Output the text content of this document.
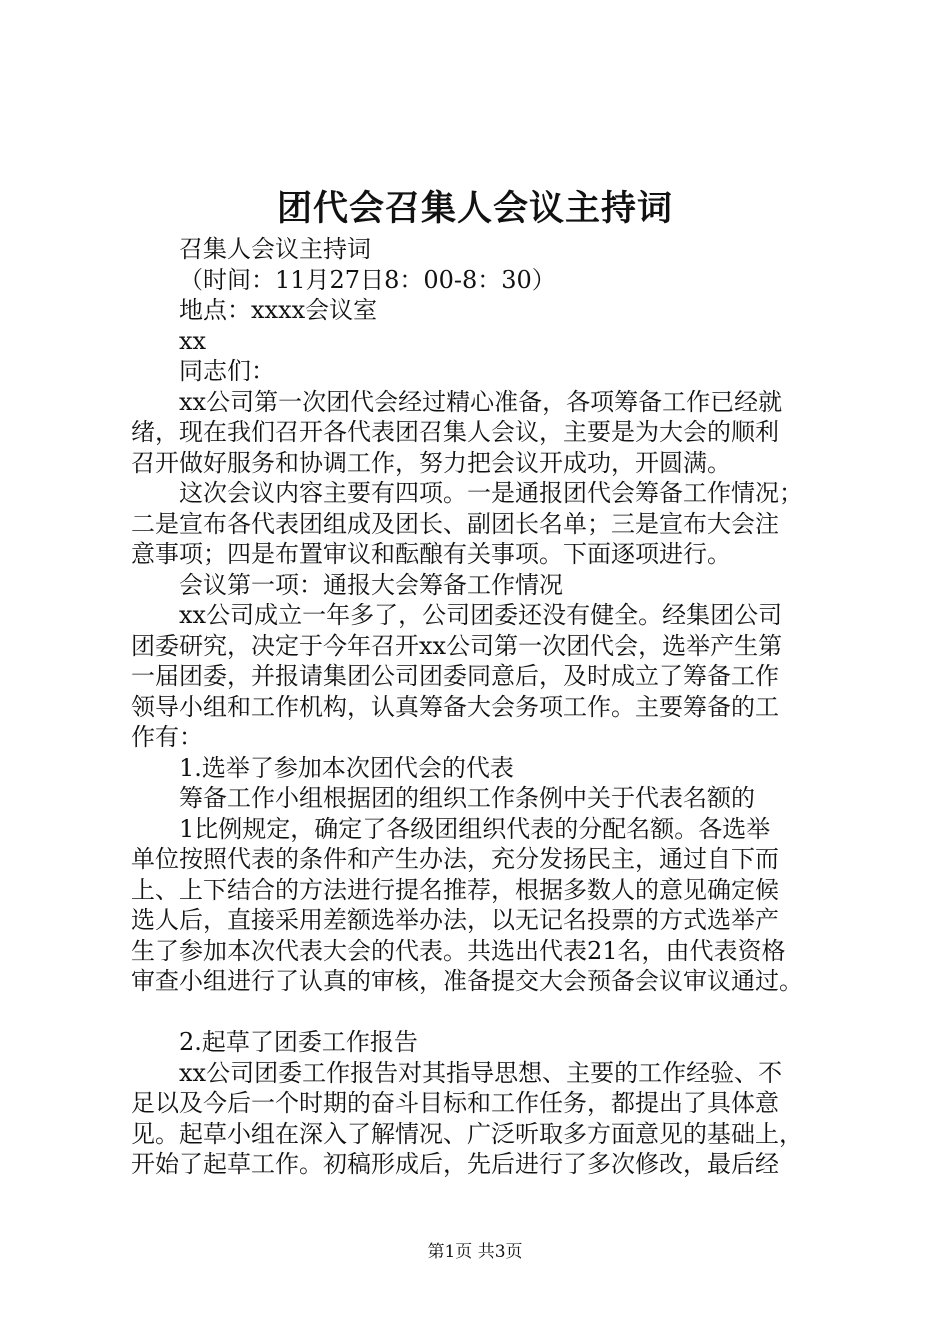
团代会召集人会议主持词

召集人会议主持词

（时间：11月27日8：00-8：30）

地点：xxxx会议室

xx

同志们：

xx公司第一次团代会经过精心准备，各项筹备工作已经就

绪，现在我们召开各代表团召集人会议，主要是为大会的顺利

召开做好服务和协调工作，努力把会议开成功，开圆满。

这次会议内容主要有四项。一是通报团代会筹备工作情况；

二是宣布各代表团组成及团长、副团长名单；三是宣布大会注

意事项；四是布置审议和酝酿有关事项。下面逐项进行。

会议第一项：通报大会筹备工作情况

xx公司成立一年多了，公司团委还没有健全。经集团公司

团委研究，决定于今年召开xx公司第一次团代会，选举产生第

一届团委，并报请集团公司团委同意后，及时成立了筹备工作

领导小组和工作机构，认真筹备大会务项工作。主要筹备的工

作有：

1.选举了参加本次团代会的代表

筹备工作小组根据团的组织工作条例中关于代表名额的

1比例规定，确定了各级团组织代表的分配名额。各选举

单位按照代表的条件和产生办法，充分发扬民主，通过自下而

上、上下结合的方法进行提名推荐，根据多数人的意见确定候

选人后，直接采用差额选举办法，以无记名投票的方式选举产

生了参加本次代表大会的代表。共选出代表21名，由代表资格

审查小组进行了认真的审核，准备提交大会预备会议审议通过。

2.起草了团委工作报告

xx公司团委工作报告对其指导思想、主要的工作经验、不

足以及今后一个时期的奋斗目标和工作任务，都提出了具体意

见。起草小组在深入了解情况、广泛听取多方面意见的基础上，

开始了起草工作。初稿形成后，先后进行了多次修改，最后经

第1页 共3页
